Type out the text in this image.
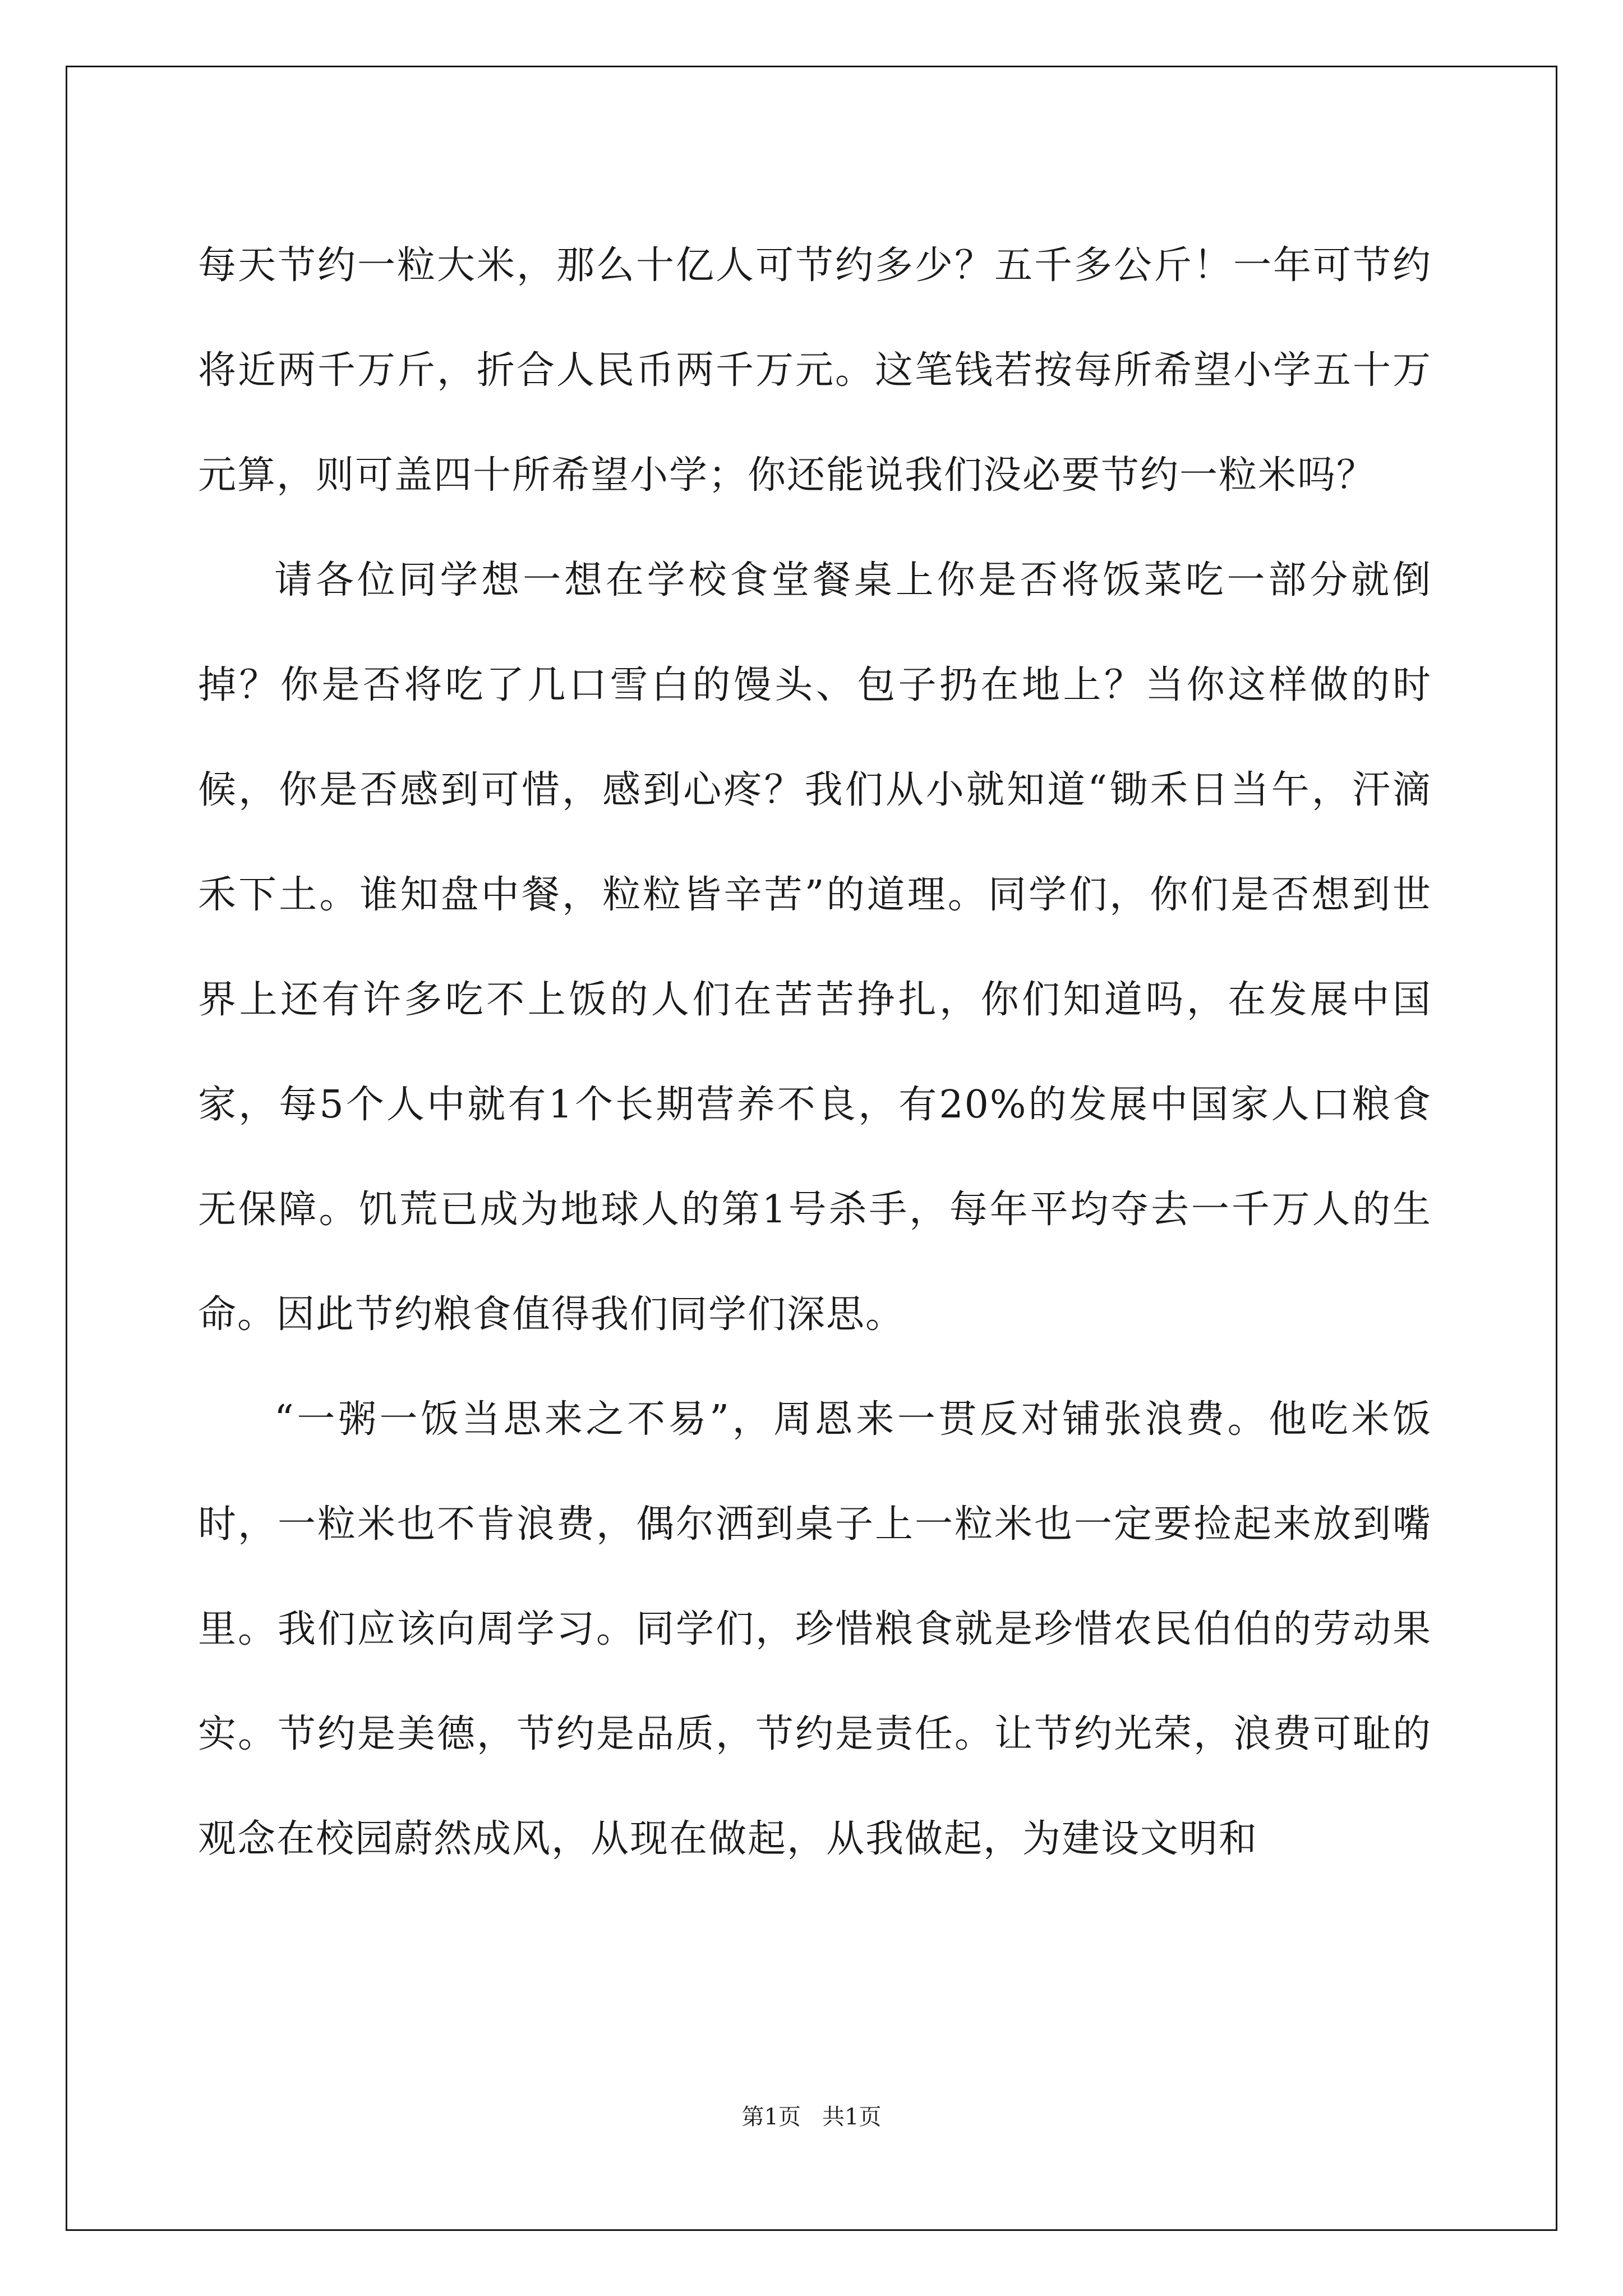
每天节约一粒大米，那么十亿人可节约多少？五千多公斤！一年可节约将近两千万斤，折合人民币两千万元。这笔钱若按每所希望小学五十万元算，则可盖四十所希望小学；你还能说我们没必要节约一粒米吗？

请各位同学想一想在学校食堂餐桌上你是否将饭菜吃一部分就倒掉？你是否将吃了几口雪白的馒头、包子扔在地上？当你这样做的时候，你是否感到可惜，感到心疼？我们从小就知道“锄禾日当午，汗滴禾下土。谁知盘中餐，粒粒皆辛苦”的道理。同学们，你们是否想到世界上还有许多吃不上饭的人们在苦苦挣扎，你们知道吗，在发展中国家，每5个人中就有1个长期营养不良，有20%的发展中国家人口粮食无保障。饥荒已成为地球人的第1号杀手，每年平均夺去一千万人的生命。因此节约粮食值得我们同学们深思。

“一粥一饭当思来之不易”，周恩来一贯反对铺张浪费。他吃米饭时，一粒米也不肯浪费，偶尔洒到桌子上一粒米也一定要捡起来放到嘴里。我们应该向周学习。同学们，珍惜粮食就是珍惜农民伯伯的劳动果实。节约是美德，节约是品质，节约是责任。让节约光荣，浪费可耻的观念在校园蔚然成风，从现在做起，从我做起，为建设文明和

第1页   共1页
